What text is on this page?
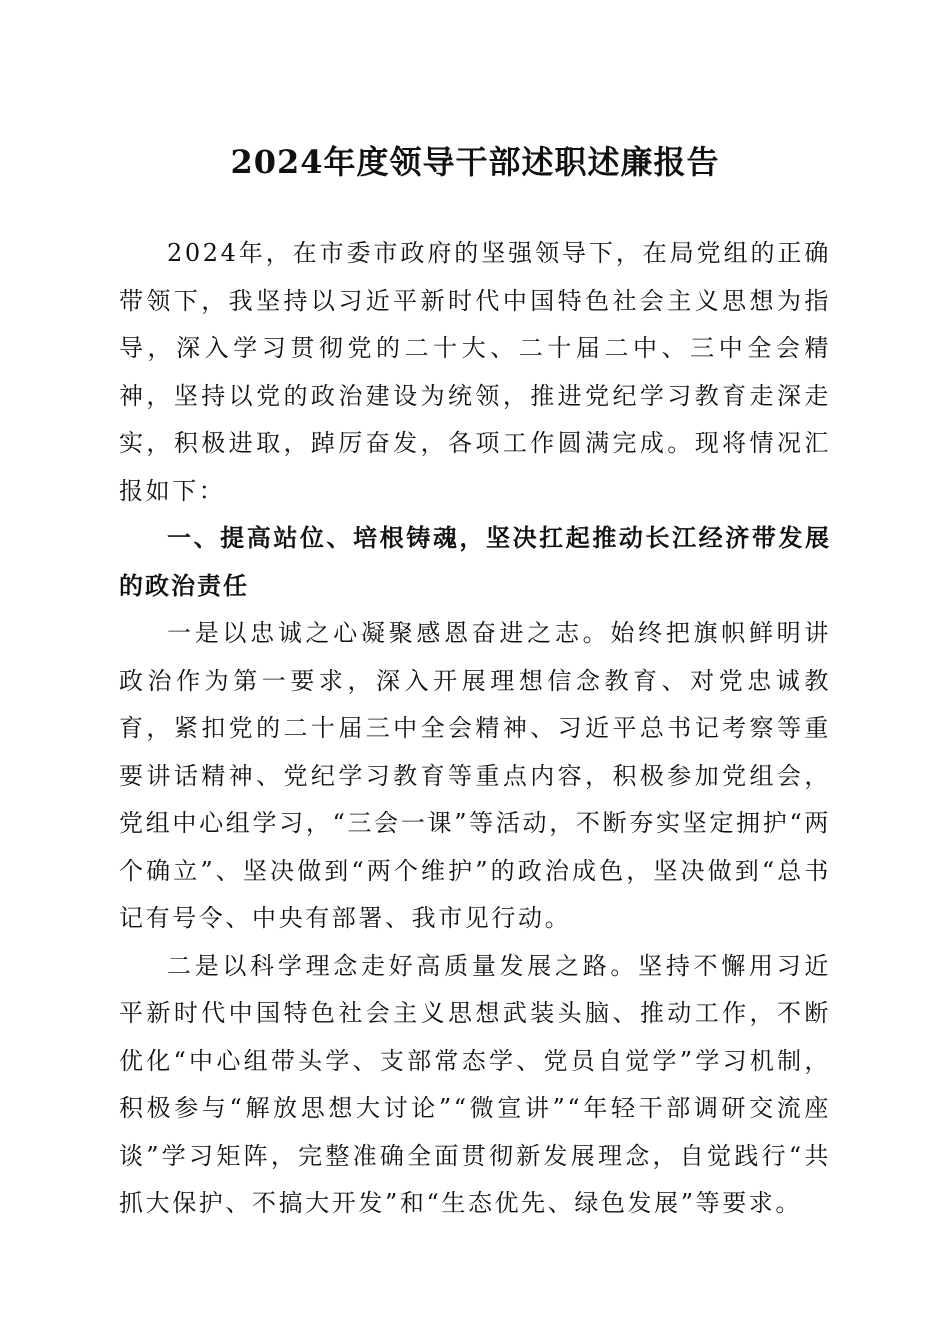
2024年度领导干部述职述廉报告

2024年，在市委市政府的坚强领导下，在局党组的正确带领下，我坚持以习近平新时代中国特色社会主义思想为指导，深入学习贯彻党的二十大、二十届二中、三中全会精神，坚持以党的政治建设为统领，推进党纪学习教育走深走实，积极进取，踔厉奋发，各项工作圆满完成。现将情况汇报如下：

一、提高站位、培根铸魂，坚决扛起推动长江经济带发展的政治责任

一是以忠诚之心凝聚感恩奋进之志。始终把旗帜鲜明讲政治作为第一要求，深入开展理想信念教育、对党忠诚教育，紧扣党的二十届三中全会精神、习近平总书记考察等重要讲话精神、党纪学习教育等重点内容，积极参加党组会，党组中心组学习，“三会一课”等活动，不断夯实坚定拥护“两个确立”、坚决做到“两个维护”的政治成色，坚决做到“总书记有号令、中央有部署、我市见行动。

二是以科学理念走好高质量发展之路。坚持不懈用习近平新时代中国特色社会主义思想武装头脑、推动工作，不断优化“中心组带头学、支部常态学、党员自觉学”学习机制，积极参与“解放思想大讨论”“微宣讲”“年轻干部调研交流座谈”学习矩阵，完整准确全面贯彻新发展理念，自觉践行“共抓大保护、不搞大开发”和“生态优先、绿色发展”等要求。
